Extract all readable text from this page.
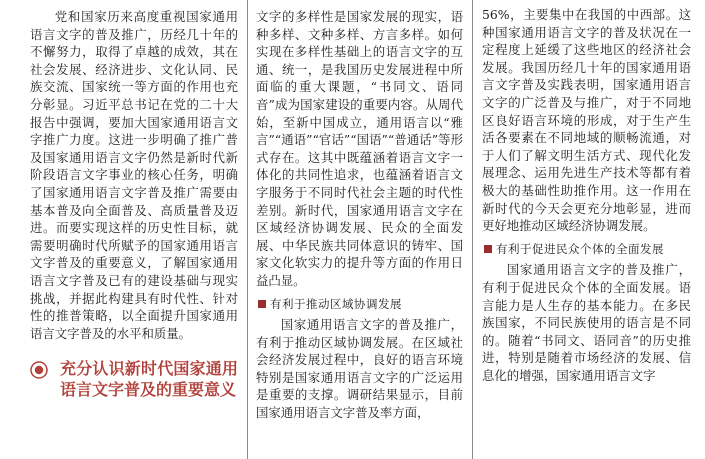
党和国家历来高度重视国家通用语言文字的普及推广，历经几十年的不懈努力，取得了卓越的成效，其在社会发展、经济进步、文化认同、民族交流、国家统一等方面的作用也充分彰显。习近平总书记在党的二十大报告中强调，要加大国家通用语言文字推广力度。这进一步明确了推广普及国家通用语言文字仍然是新时代新阶段语言文字事业的核心任务，明确了国家通用语言文字普及推广需要由基本普及向全面普及、高质量普及迈进。而要实现这样的历史性目标，就需要明确时代所赋予的国家通用语言文字普及的重要意义，了解国家通用语言文字普及已有的建设基础与现实挑战，并据此构建具有时代性、针对性的推普策略，以全面提升国家通用语言文字普及的水平和质量。

充分认识新时代国家通用语言文字普及的重要意义

文字的多样性是国家发展的现实，语种多样、文种多样、方言多样。如何实现在多样性基础上的语言文字的互通、统一，是我国历史发展进程中所面临的重大课题，“书同文、语同音”成为国家建设的重要内容。从周代始，至新中国成立，通用语言以“雅言”“通语”“官话”“国语”“普通话”等形式存在。这其中既蕴涵着语言文字一体化的共同性追求，也蕴涵着语言文字服务于不同时代社会主题的时代性差别。新时代，国家通用语言文字在区域经济协调发展、民众的全面发展、中华民族共同体意识的铸牢、国家文化软实力的提升等方面的作用日益凸显。

有利于推动区域协调发展

国家通用语言文字的普及推广，有利于推动区域协调发展。在区域社会经济发展过程中，良好的语言环境特别是国家通用语言文字的广泛运用是重要的支撑。调研结果显示，目前国家通用语言文字普及率方面，

56%，主要集中在我国的中西部。这种国家通用语言文字的普及状况在一定程度上延缓了这些地区的经济社会发展。我国历经几十年的国家通用语言文字普及实践表明，国家通用语言文字的广泛普及与推广，对于不同地区良好语言环境的形成，对于生产生活各要素在不同地域的顺畅流通，对于人们了解文明生活方式、现代化发展理念、运用先进生产技术等都有着极大的基础性助推作用。这一作用在新时代的今天会更充分地彰显，进而更好地推动区域经济协调发展。

有利于促进民众个体的全面发展

国家通用语言文字的普及推广，有利于促进民众个体的全面发展。语言能力是人生存的基本能力。在多民族国家，不同民族使用的语言是不同的。随着“书同文、语同音”的历史推进，特别是随着市场经济的发展、信息化的增强，国家通用语言文字
